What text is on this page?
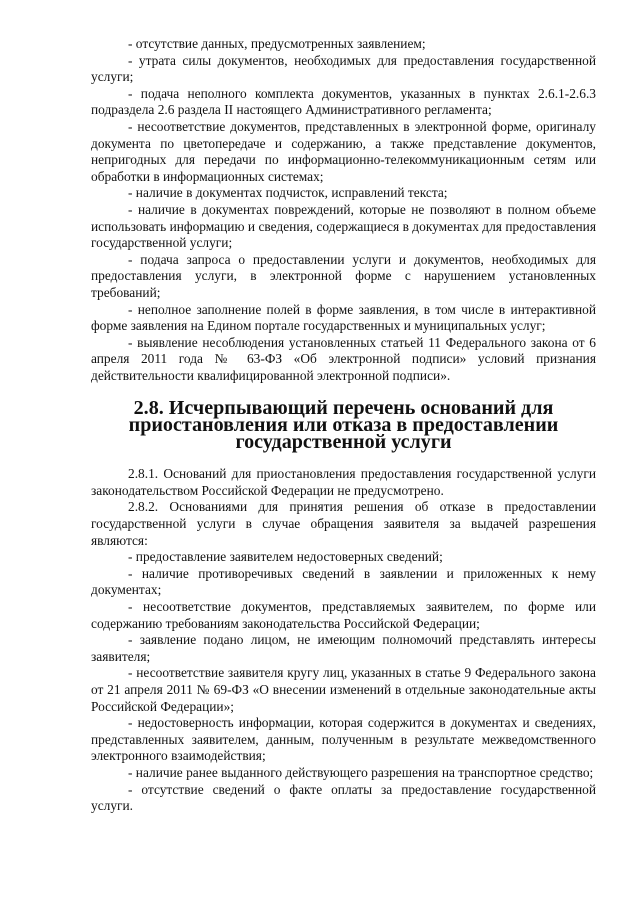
- отсутствие данных, предусмотренных заявлением;

- утрата силы документов, необходимых для предоставления государственной услуги;

- подача неполного комплекта документов, указанных в пунктах 2.6.1-2.6.3 подраздела 2.6 раздела II настоящего Административного регламента;

- несоответствие документов, представленных в электронной форме, оригиналу документа по цветопередаче и содержанию, а также представление документов, непригодных для передачи по информационно-телекоммуникационным сетям или обработки в информационных системах;

- наличие в документах подчисток, исправлений текста;

- наличие в документах повреждений, которые не позволяют в полном объеме использовать информацию и сведения, содержащиеся в документах для предоставления государственной услуги;

- подача запроса о предоставлении услуги и документов, необходимых для предоставления услуги, в электронной форме с нарушением установленных требований;

- неполное заполнение полей в форме заявления, в том числе в интерактивной форме заявления на Едином портале государственных и муниципальных услуг;

- выявление несоблюдения установленных статьей 11 Федерального закона от 6 апреля 2011 года № 63-ФЗ «Об электронной подписи» условий признания действительности квалифицированной электронной подписи».

2.8. Исчерпывающий перечень оснований для приостановления или отказа в предоставлении государственной услуги

2.8.1. Оснований для приостановления предоставления государственной услуги законодательством Российской Федерации не предусмотрено.

2.8.2. Основаниями для принятия решения об отказе в предоставлении государственной услуги в случае обращения заявителя за выдачей разрешения являются:

- предоставление заявителем недостоверных сведений;

- наличие противоречивых сведений в заявлении и приложенных к нему документах;

- несоответствие документов, представляемых заявителем, по форме или содержанию требованиям законодательства Российской Федерации;

- заявление подано лицом, не имеющим полномочий представлять интересы заявителя;

- несоответствие заявителя кругу лиц, указанных в статье 9 Федерального закона от 21 апреля 2011 № 69-ФЗ «О внесении изменений в отдельные законодательные акты Российской Федерации»;

- недостоверность информации, которая содержится в документах и сведениях, представленных заявителем, данным, полученным в результате межведомственного электронного взаимодействия;

- наличие ранее выданного действующего разрешения на транспортное средство;

- отсутствие сведений о факте оплаты за предоставление государственной услуги.
